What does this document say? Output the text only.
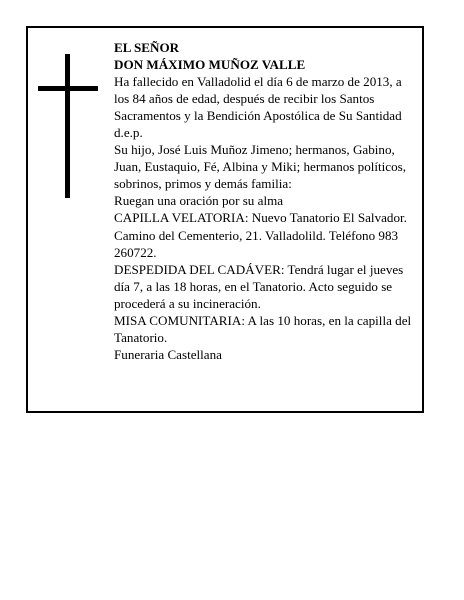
EL SEÑOR

DON MÁXIMO MUÑOZ VALLE

Ha fallecido en Valladolid el día 6 de marzo de 2013, a los 84 años de edad, después de recibir los Santos Sacramentos y la Bendición Apostólica de Su Santidad d.e.p.

Su hijo, José Luis Muñoz Jimeno; hermanos, Gabino, Juan, Eustaquio, Fé, Albina y Miki; hermanos políticos, sobrinos, primos y demás familia:

Ruegan una oración por su alma

CAPILLA VELATORIA: Nuevo Tanatorio El Salvador. Camino del Cementerio, 21. Valladolild. Teléfono 983 260722.

DESPEDIDA DEL CADÁVER: Tendrá lugar el jueves día 7, a las 18 horas, en el Tanatorio. Acto seguido se procederá a su incineración.

MISA COMUNITARIA: A las 10 horas, en la capilla del Tanatorio.

Funeraria Castellana
